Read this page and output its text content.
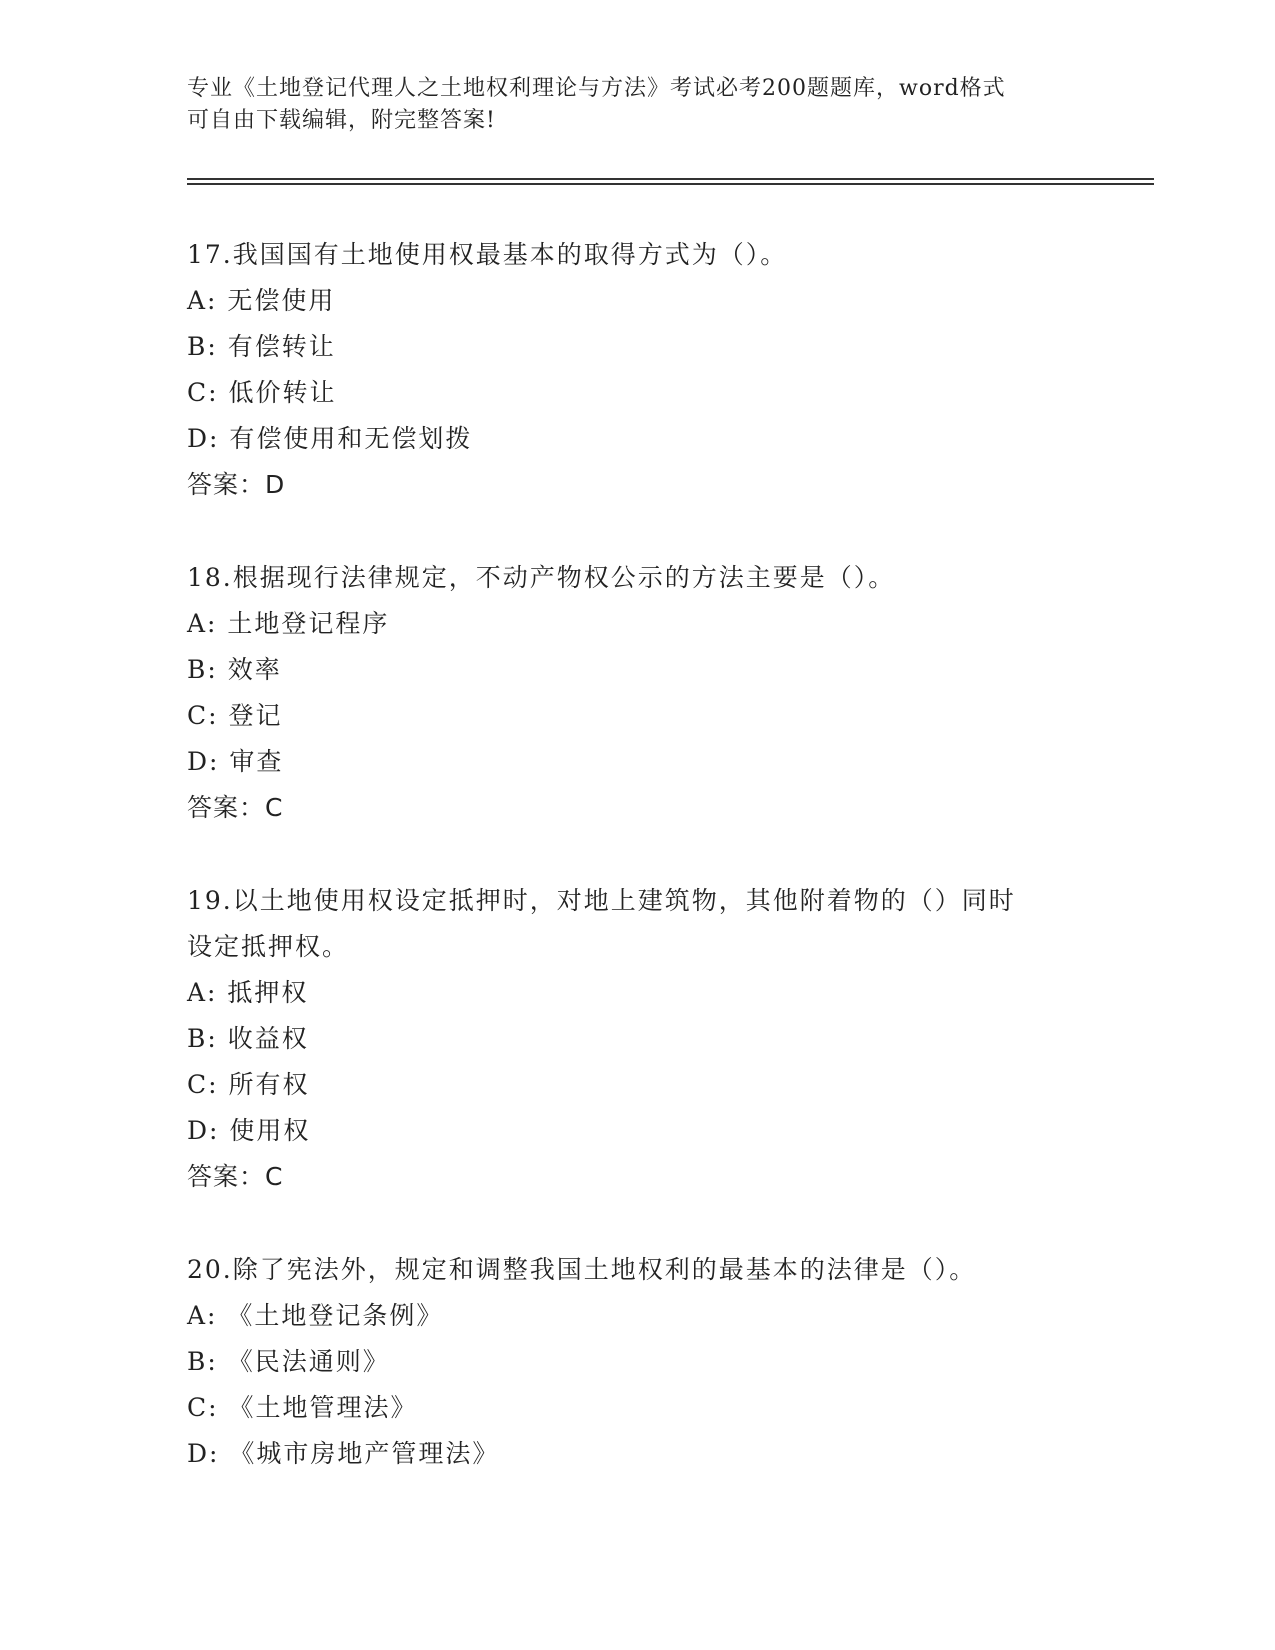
专业《土地登记代理人之土地权利理论与方法》考试必考200题题库，word格式
可自由下载编辑，附完整答案!
17.我国国有土地使用权最基本的取得方式为（）。
A: 无偿使用
B: 有偿转让
C: 低价转让
D: 有偿使用和无偿划拨
答案：D
18.根据现行法律规定，不动产物权公示的方法主要是（）。
A: 土地登记程序
B: 效率
C: 登记
D: 审查
答案：C
19.以土地使用权设定抵押时，对地上建筑物，其他附着物的（）同时
设定抵押权。
A: 抵押权
B: 收益权
C: 所有权
D: 使用权
答案：C
20.除了宪法外，规定和调整我国土地权利的最基本的法律是（）。
A: 《土地登记条例》
B: 《民法通则》
C: 《土地管理法》
D: 《城市房地产管理法》
